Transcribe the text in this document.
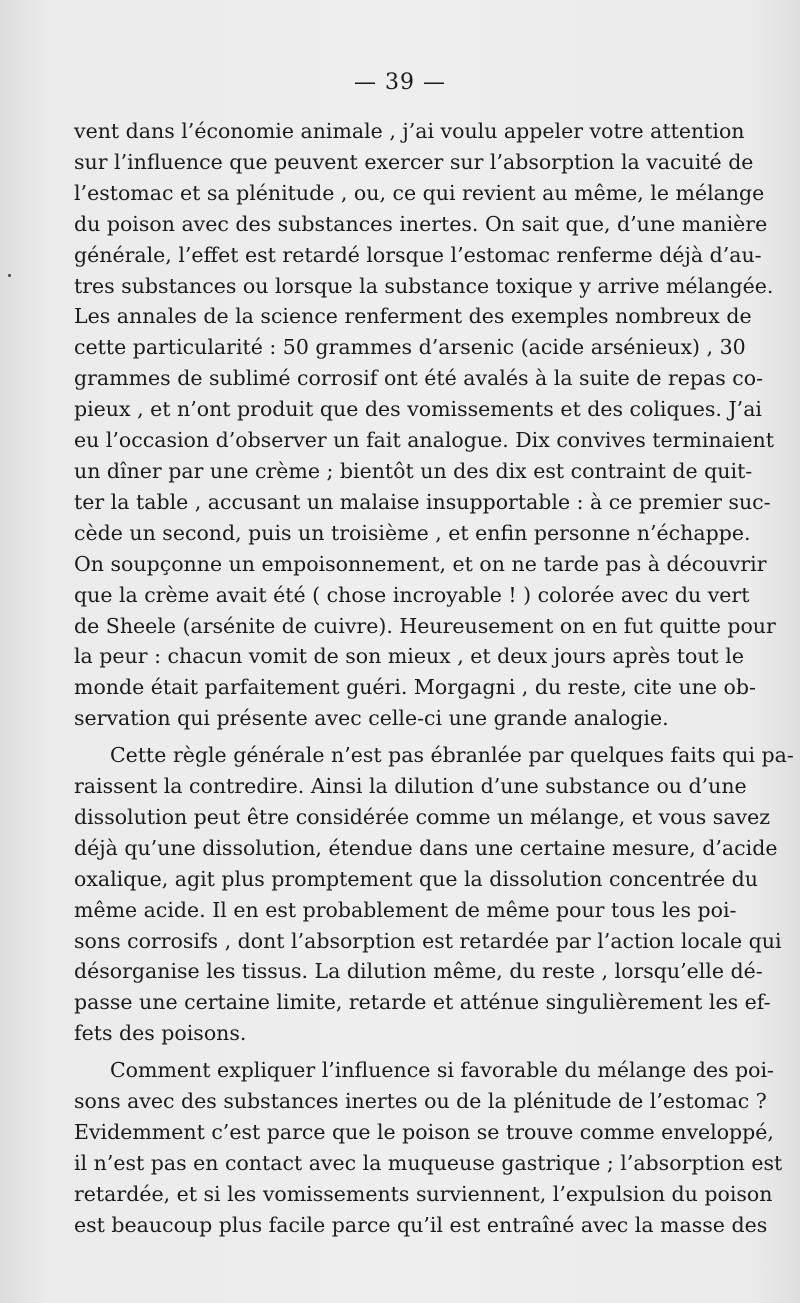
— 39 —
vent dans l’économie animale , j’ai voulu appeler votre attention
sur l’influence que peuvent exercer sur l’absorption la vacuité de
l’estomac et sa plénitude , ou, ce qui revient au même, le mélange
du poison avec des substances inertes. On sait que, d’une manière
générale, l’effet est retardé lorsque l’estomac renferme déjà d’au-
tres substances ou lorsque la substance toxique y arrive mélangée.
Les annales de la science renferment des exemples nombreux de
cette particularité : 50 grammes d’arsenic (acide arsénieux) , 30
grammes de sublimé corrosif ont été avalés à la suite de repas co-
pieux , et n’ont produit que des vomissements et des coliques. J’ai
eu l’occasion d’observer un fait analogue. Dix convives terminaient
un dîner par une crème ; bientôt un des dix est contraint de quit-
ter la table , accusant un malaise insupportable : à ce premier suc-
cède un second, puis un troisième , et enfin personne n’échappe.
On soupçonne un empoisonnement, et on ne tarde pas à découvrir
que la crème avait été ( chose incroyable ! ) colorée avec du vert
de Sheele (arsénite de cuivre). Heureusement on en fut quitte pour
la peur : chacun vomit de son mieux , et deux jours après tout le
monde était parfaitement guéri. Morgagni , du reste, cite une ob-
servation qui présente avec celle-ci une grande analogie.
Cette règle générale n’est pas ébranlée par quelques faits qui pa-
raissent la contredire. Ainsi la dilution d’une substance ou d’une
dissolution peut être considérée comme un mélange, et vous savez
déjà qu’une dissolution, étendue dans une certaine mesure, d’acide
oxalique, agit plus promptement que la dissolution concentrée du
même acide. Il en est probablement de même pour tous les poi-
sons corrosifs , dont l’absorption est retardée par l’action locale qui
désorganise les tissus. La dilution même, du reste , lorsqu’elle dé-
passe une certaine limite, retarde et atténue singulièrement les ef-
fets des poisons.
Comment expliquer l’influence si favorable du mélange des poi-
sons avec des substances inertes ou de la plénitude de l’estomac ?
Evidemment c’est parce que le poison se trouve comme enveloppé,
il n’est pas en contact avec la muqueuse gastrique ; l’absorption est
retardée, et si les vomissements surviennent, l’expulsion du poison
est beaucoup plus facile parce qu’il est entraîné avec la masse des
